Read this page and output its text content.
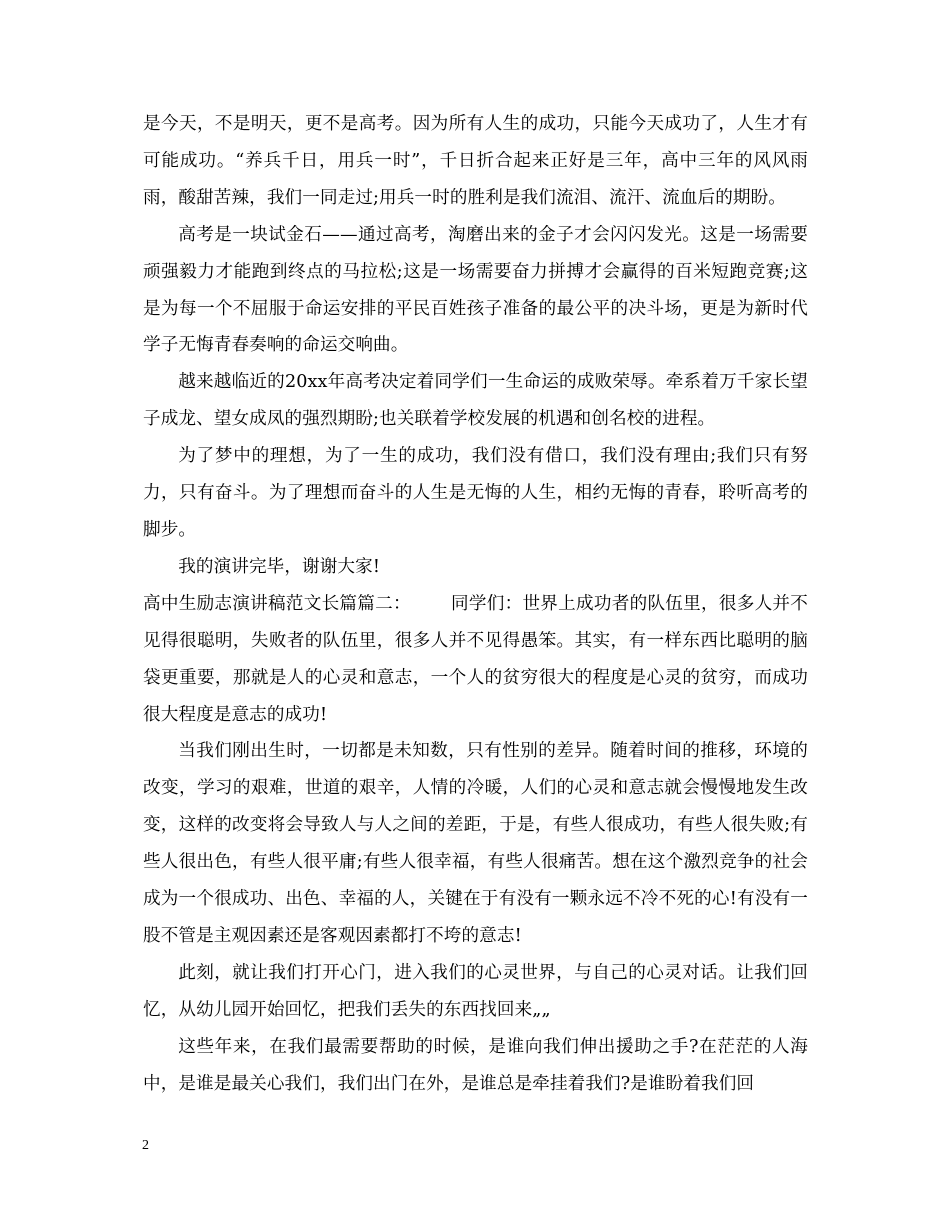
是今天，不是明天，更不是高考。因为所有人生的成功，只能今天成功了，人生才有可能成功。“养兵千日，用兵一时”，千日折合起来正好是三年，高中三年的风风雨雨，酸甜苦辣，我们一同走过;用兵一时的胜利是我们流泪、流汗、流血后的期盼。

高考是一块试金石——通过高考，淘磨出来的金子才会闪闪发光。这是一场需要顽强毅力才能跑到终点的马拉松;这是一场需要奋力拼搏才会赢得的百米短跑竞赛;这是为每一个不屈服于命运安排的平民百姓孩子准备的最公平的决斗场，更是为新时代学子无悔青春奏响的命运交响曲。

越来越临近的20xx年高考决定着同学们一生命运的成败荣辱。牵系着万千家长望子成龙、望女成凤的强烈期盼;也关联着学校发展的机遇和创名校的进程。

为了梦中的理想，为了一生的成功，我们没有借口，我们没有理由;我们只有努力，只有奋斗。为了理想而奋斗的人生是无悔的人生，相约无悔的青春，聆听高考的脚步。

我的演讲完毕，谢谢大家!

高中生励志演讲稿范文长篇篇二： 同学们：世界上成功者的队伍里，很多人并不见得很聪明，失败者的队伍里，很多人并不见得愚笨。其实，有一样东西比聪明的脑袋更重要，那就是人的心灵和意志，一个人的贫穷很大的程度是心灵的贫穷，而成功很大程度是意志的成功!

当我们刚出生时，一切都是未知数，只有性别的差异。随着时间的推移，环境的改变，学习的艰难，世道的艰辛，人情的冷暖，人们的心灵和意志就会慢慢地发生改变，这样的改变将会导致人与人之间的差距，于是，有些人很成功，有些人很失败;有些人很出色，有些人很平庸;有些人很幸福，有些人很痛苦。想在这个激烈竞争的社会成为一个很成功、出色、幸福的人，关键在于有没有一颗永远不冷不死的心!有没有一股不管是主观因素还是客观因素都打不垮的意志!

此刻，就让我们打开心门，进入我们的心灵世界，与自己的心灵对话。让我们回忆，从幼儿园开始回忆，把我们丢失的东西找回来„„

这些年来，在我们最需要帮助的时候，是谁向我们伸出援助之手?在茫茫的人海中，是谁是最关心我们，我们出门在外，是谁总是牵挂着我们?是谁盼着我们回

2
